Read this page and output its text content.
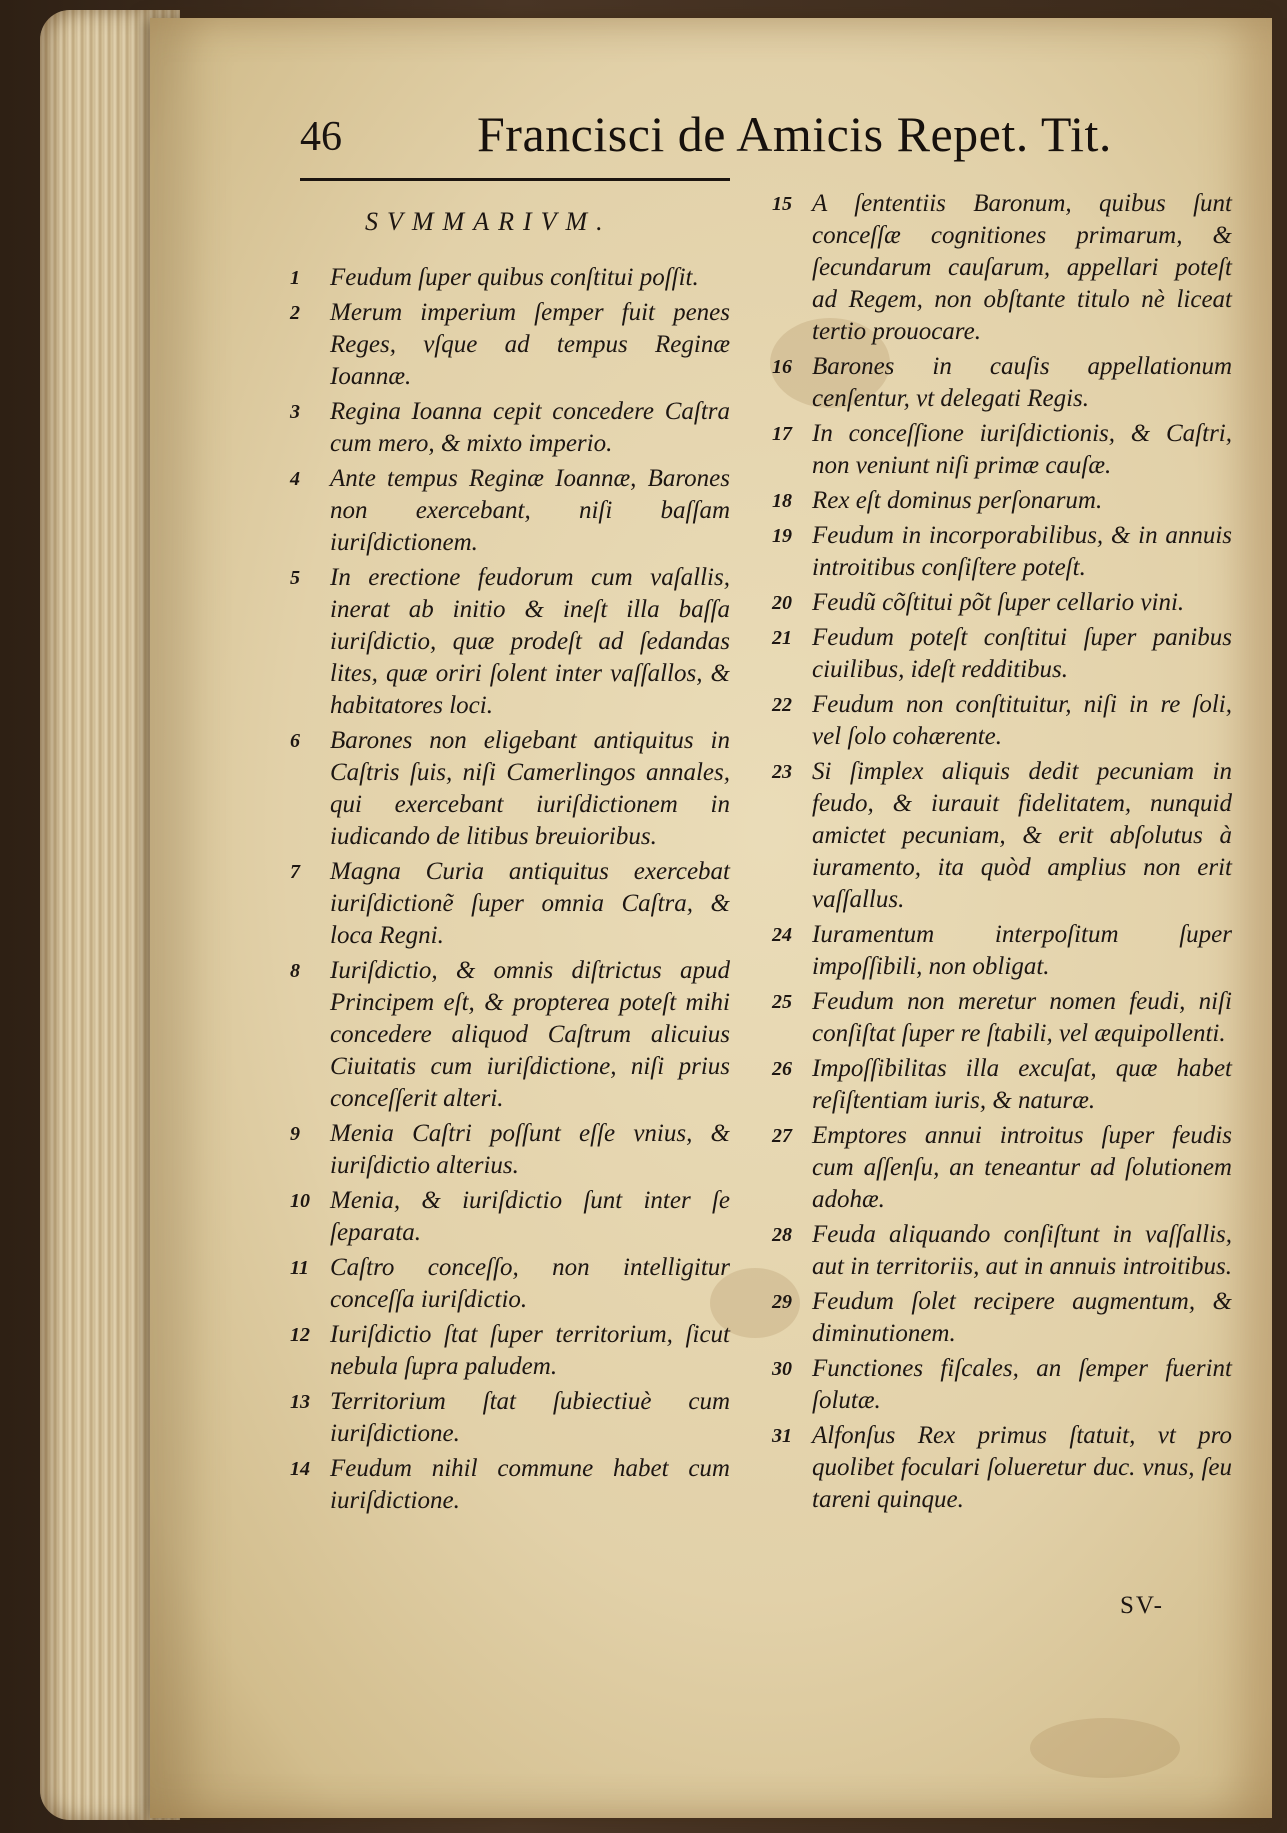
46	Francisci de Amicis Repet. Tit.
SVMMARIVM.
1	Feudum ſuper quibus conſtitui poſſit.
2	Merum imperium ſemper fuit penes Reges, vſque ad tempus Reginæ Ioannæ.
3	Regina Ioanna cepit concedere Caſtra cum mero, & mixto imperio.
4	Ante tempus Reginæ Ioannæ, Barones non exercebant, niſi baſſam iuriſdictionem.
5	In erectione feudorum cum vaſallis, inerat ab initio & ineſt illa baſſa iuriſdictio, quæ prodeſt ad ſedandas lites, quæ oriri ſolent inter vaſſallos, & habitatores loci.
6	Barones non eligebant antiquitus in Caſtris ſuis, niſi Camerlingos annales, qui exercebant iuriſdictionem in iudicando de litibus breuioribus.
7	Magna Curia antiquitus exercebat iuriſdictionẽ ſuper omnia Caſtra, & loca Regni.
8	Iuriſdictio, & omnis diſtrictus apud Principem eſt, & propterea poteſt mihi concedere aliquod Caſtrum alicuius Ciuitatis cum iuriſdictione, niſi prius conceſſerit alteri.
9	Menia Caſtri poſſunt eſſe vnius, & iuriſdictio alterius.
10 Menia, & iuriſdictio ſunt inter ſe ſeparata.
11 Caſtro conceſſo, non intelligitur conceſſa iuriſdictio.
12 Iuriſdictio ſtat ſuper territorium, ſicut nebula ſupra paludem.
13 Territorium ſtat ſubiectiuè cum iuriſdictione.
14 Feudum nihil commune habet cum iuriſdictione.
15 A ſententiis Baronum, quibus ſunt conceſſæ cognitiones primarum, & ſecundarum cauſarum, appellari poteſt ad Regem, non obſtante titulo nè liceat tertio prouocare.
16 Barones in cauſis appellationum cenſentur, vt delegati Regis.
17 In conceſſione iuriſdictionis, & Caſtri, non veniunt niſi primæ cauſæ.
18 Rex eſt dominus perſonarum.
19 Feudum in incorporabilibus, & in annuis introitibus conſiſtere poteſt.
20 Feudũ cõſtitui põt ſuper cellario vini.
21 Feudum poteſt conſtitui ſuper panibus ciuilibus, ideſt redditibus.
22 Feudum non conſtituitur, niſi in re ſoli, vel ſolo cohærente.
23 Si ſimplex aliquis dedit pecuniam in feudo, & iurauit fidelitatem, nunquid amictet pecuniam, & erit abſolutus à iuramento, ita quòd amplius non erit vaſſallus.
24 Iuramentum interpoſitum ſuper impoſſibili, non obligat.
25 Feudum non meretur nomen feudi, niſi conſiſtat ſuper re ſtabili, vel æquipollenti.
26 Impoſſibilitas illa excuſat, quæ habet reſiſtentiam iuris, & naturæ.
27 Emptores annui introitus ſuper feudis cum aſſenſu, an teneantur ad ſolutionem adohæ.
28 Feuda aliquando conſiſtunt in vaſſallis, aut in territoriis, aut in annuis introitibus.
29 Feudum ſolet recipere augmentum, & diminutionem.
30 Functiones fiſcales, an ſemper fuerint ſolutæ.
31 Alfonſus Rex primus ſtatuit, vt pro quolibet foculari ſolueretur duc. vnus, ſeu tareni quinque.
SV-
